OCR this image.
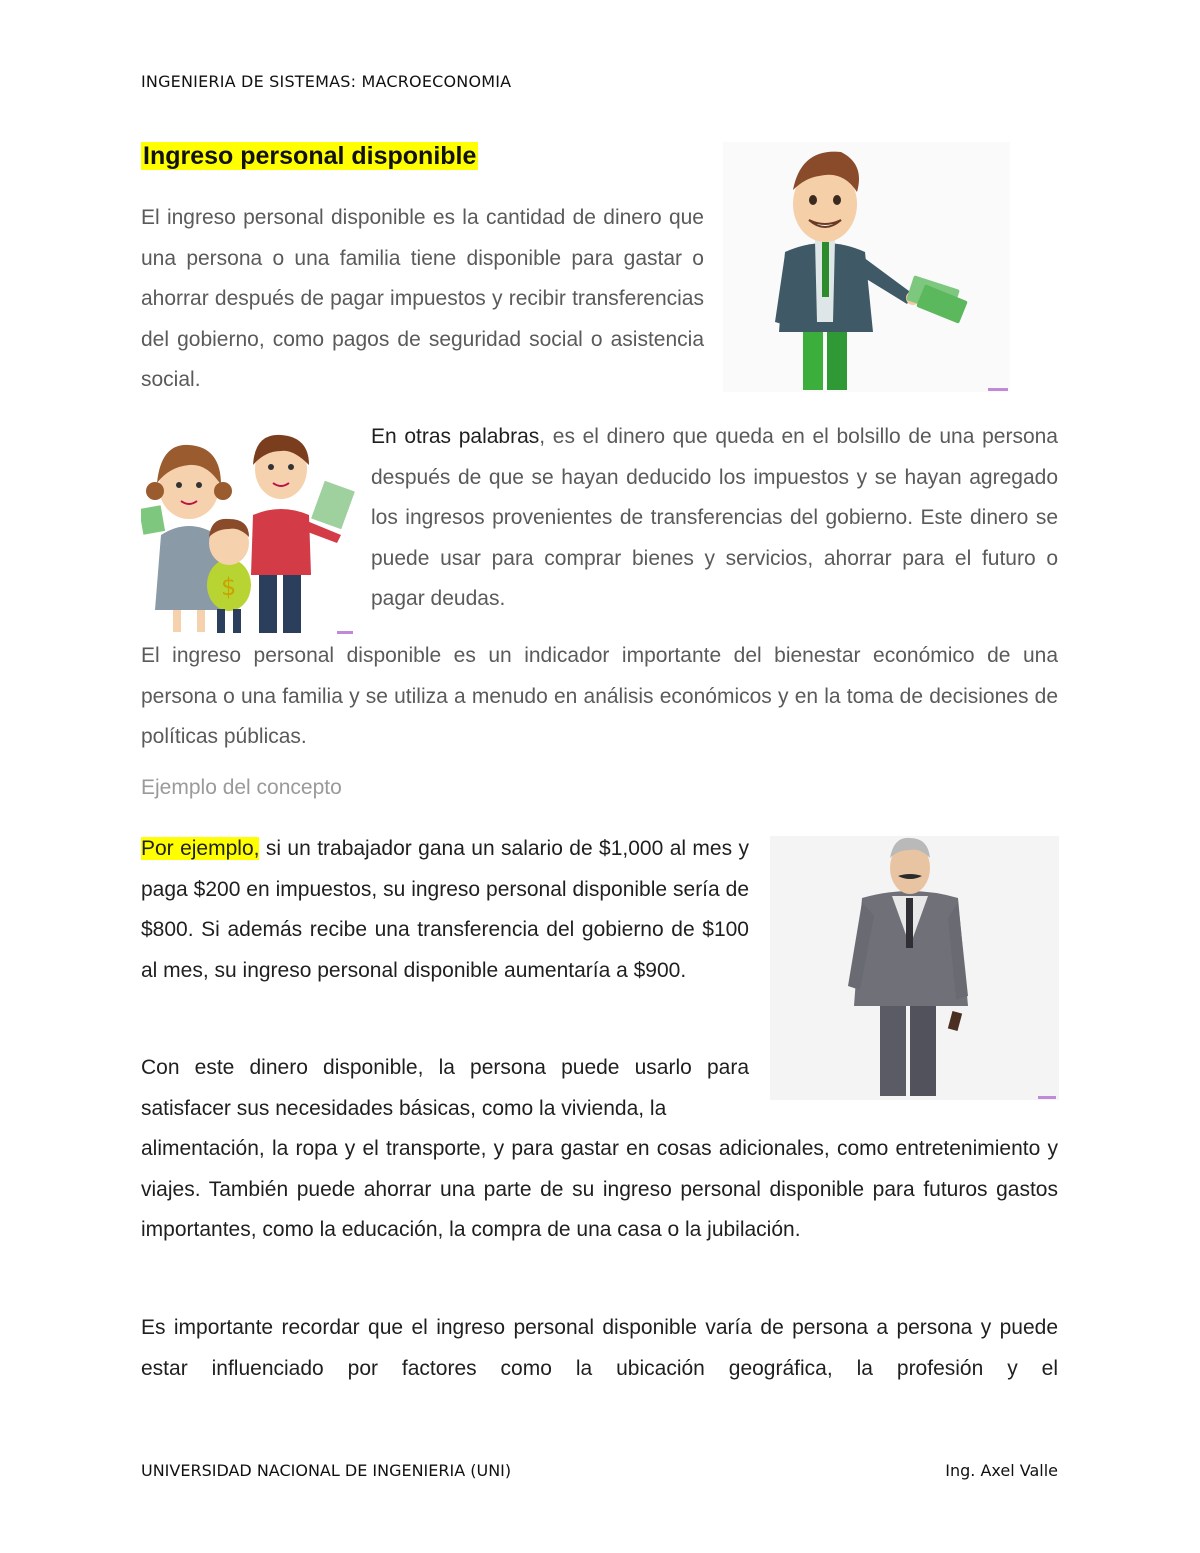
INGENIERIA DE SISTEMAS: MACROECONOMIA
Ingreso personal disponible

El ingreso personal disponible es la cantidad de dinero que una persona o una familia tiene disponible para gastar o ahorrar después de pagar impuestos y recibir transferencias del gobierno, como pagos de seguridad social o asistencia social.

$

En otras palabras, es el dinero que queda en el bolsillo de una persona después de que se hayan deducido los impuestos y se hayan agregado los ingresos provenientes de transferencias del gobierno. Este dinero se puede usar para comprar bienes y servicios, ahorrar para el futuro o pagar deudas.

El ingreso personal disponible es un indicador importante del bienestar económico de una persona o una familia y se utiliza a menudo en análisis económicos y en la toma de decisiones de políticas públicas.

Ejemplo del concepto

Por ejemplo, si un trabajador gana un salario de $1,000 al mes y paga $200 en impuestos, su ingreso personal disponible sería de $800. Si además recibe una transferencia del gobierno de $100 al mes, su ingreso personal disponible aumentaría a $900.

Con este dinero disponible, la persona puede usarlo para satisfacer sus necesidades básicas, como la vivienda, la

alimentación, la ropa y el transporte, y para gastar en cosas adicionales, como entretenimiento y viajes. También puede ahorrar una parte de su ingreso personal disponible para futuros gastos importantes, como la educación, la compra de una casa o la jubilación.

Es importante recordar que el ingreso personal disponible varía de persona a persona y puede estar influenciado por factores como la ubicación geográfica, la profesión y el

UNIVERSIDAD NACIONAL DE INGENIERIA (UNI)	Ing. Axel Valle
